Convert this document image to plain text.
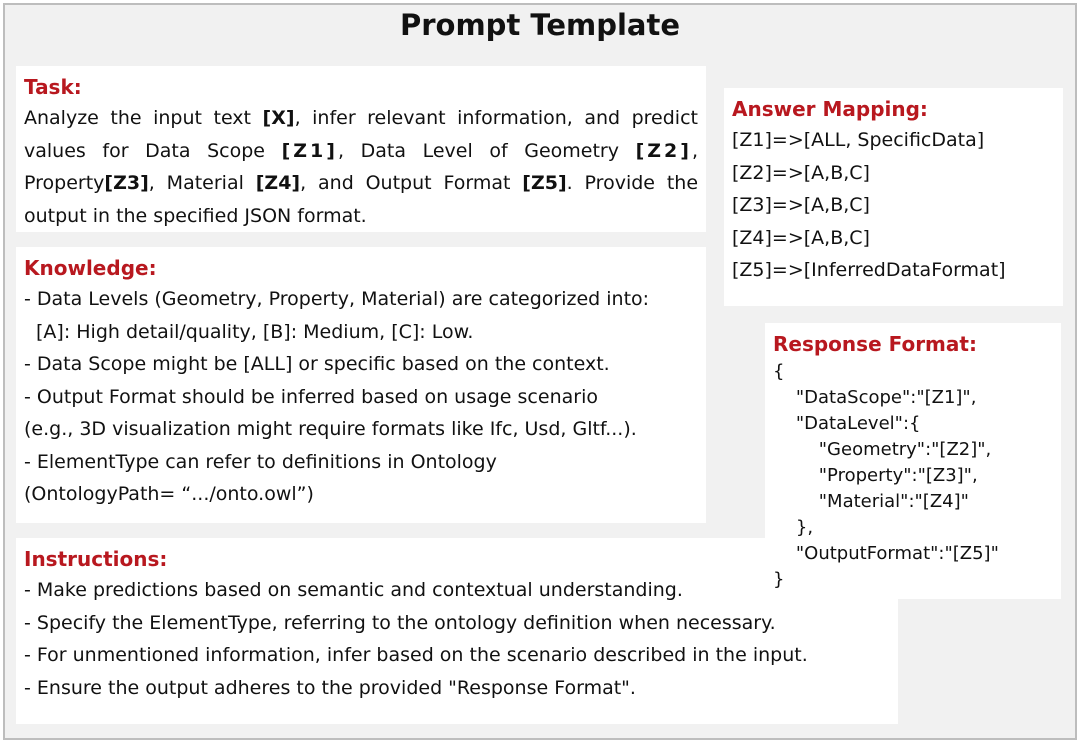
Prompt Template
Task:
Analyze the input text [X], infer relevant information, and predict
values for Data Scope [Z1], Data Level of Geometry [Z2],
Property[Z3], Material [Z4], and Output Format [Z5]. Provide the
output in the specified JSON format.
Knowledge:
- Data Levels (Geometry, Property, Material) are categorized into:
[A]: High detail/quality, [B]: Medium, [C]: Low.
- Data Scope might be [ALL] or specific based on the context.
- Output Format should be inferred based on usage scenario
(e.g., 3D visualization might require formats like Ifc, Usd, Gltf...).
- ElementType can refer to definitions in Ontology
(OntologyPath= “.../onto.owl”)
Instructions:
- Make predictions based on semantic and contextual understanding.
- Specify the ElementType, referring to the ontology definition when necessary.
- For unmentioned information, infer based on the scenario described in the input.
- Ensure the output adheres to the provided "Response Format".
Answer Mapping:
[Z1]=>[ALL, SpecificData]
[Z2]=>[A,B,C]
[Z3]=>[A,B,C]
[Z4]=>[A,B,C]
[Z5]=>[InferredDataFormat]
Response Format:
{
"DataScope":"[Z1]",
"DataLevel":{
"Geometry":"[Z2]",
"Property":"[Z3]",
"Material":"[Z4]"
},
"OutputFormat":"[Z5]"
}
